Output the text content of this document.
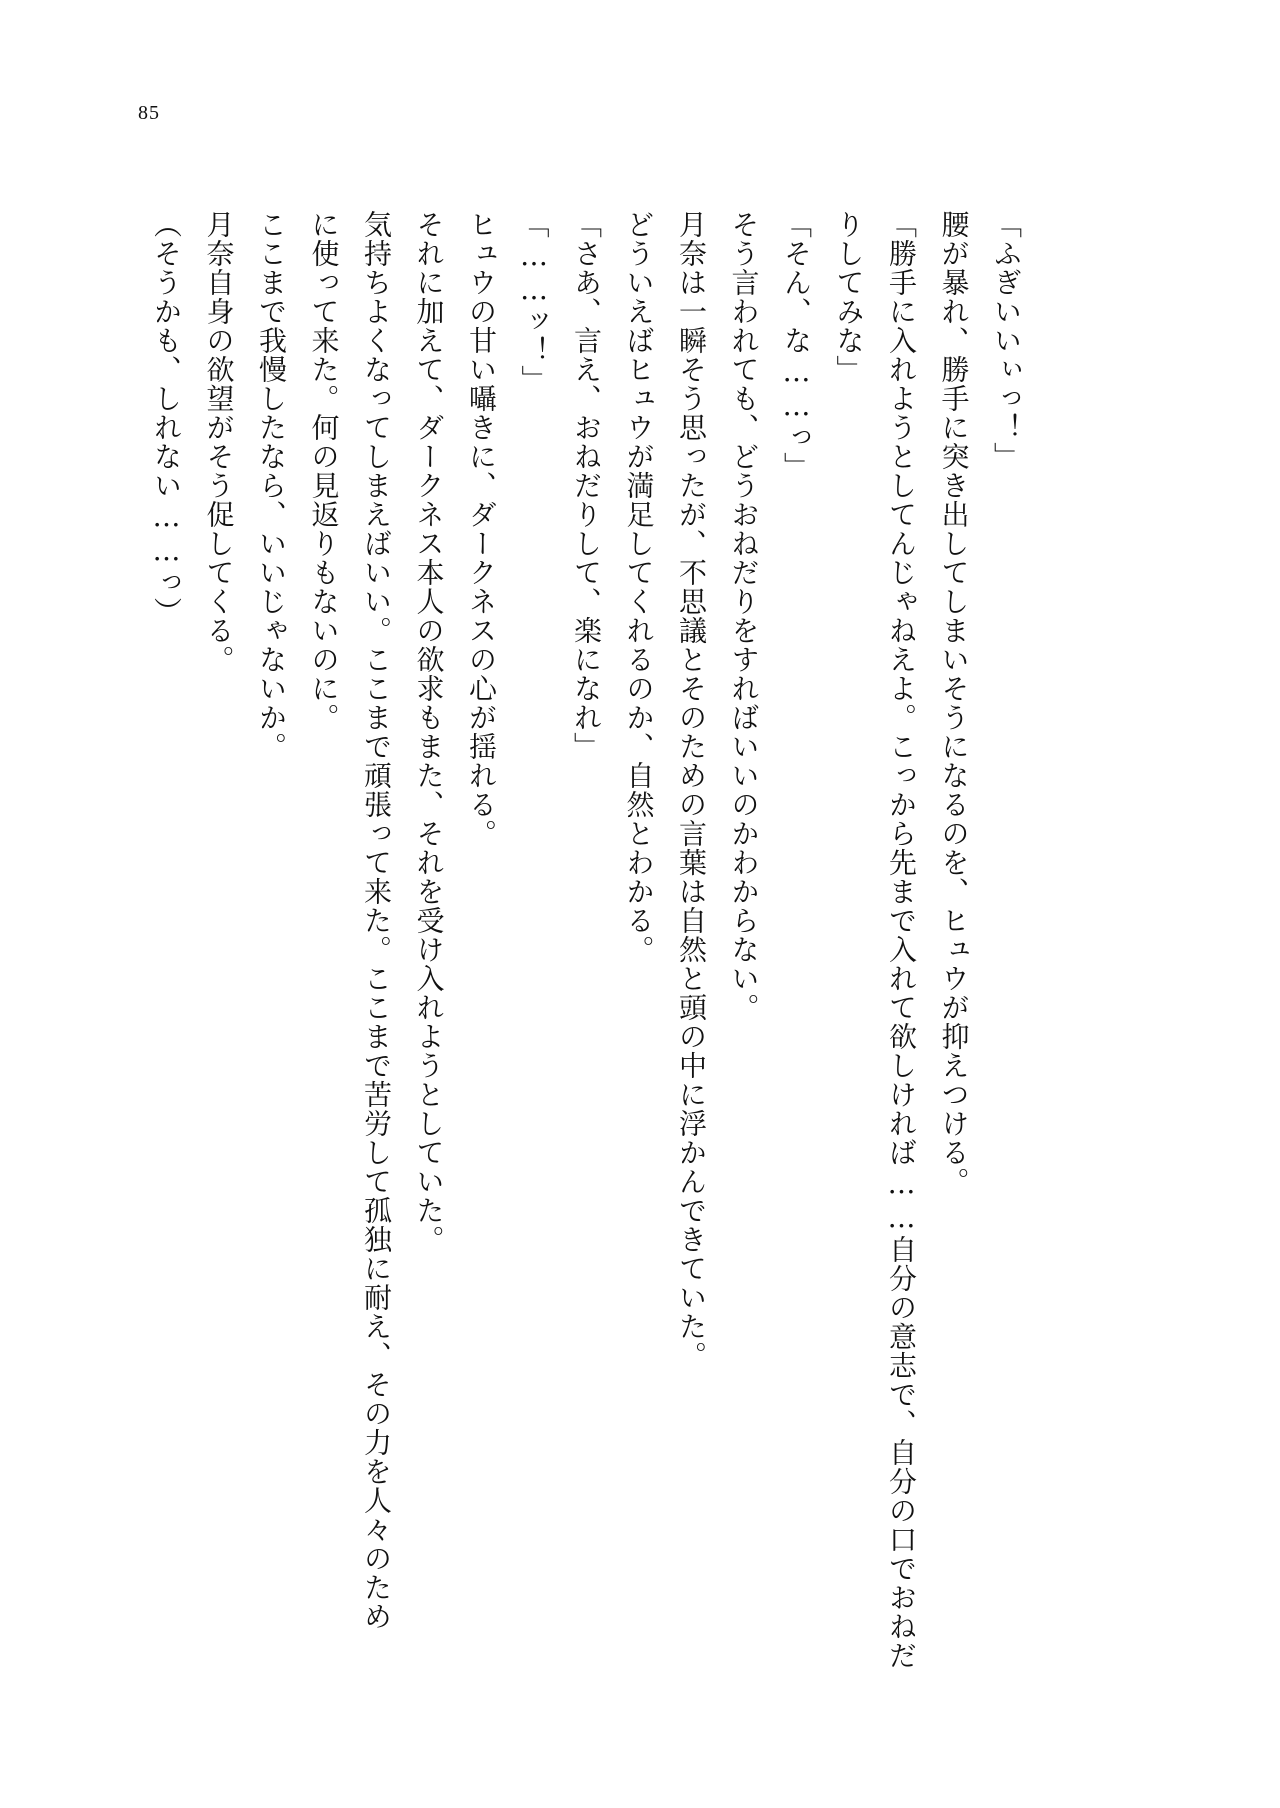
85
「ふぎいいぃっ！」
腰が暴れ、勝手に突き出してしまいそうになるのを、ヒュウが抑えつける。
「勝手に入れようとしてんじゃねえよ。こっから先まで入れて欲しければ……自分の意志で、自分の口でおねだ
りしてみな」
「そん、な……っ」
そう言われても、どうおねだりをすればいいのかわからない。
月奈は一瞬そう思ったが、不思議とそのための言葉は自然と頭の中に浮かんできていた。
どういえばヒュウが満足してくれるのか、自然とわかる。
「さあ、言え、おねだりして、楽になれ」
「……ッ！」
ヒュウの甘い囁きに、ダークネスの心が揺れる。
それに加えて、ダークネス本人の欲求もまた、それを受け入れようとしていた。
気持ちよくなってしまえばいい。ここまで頑張って来た。ここまで苦労して孤独に耐え、その力を人々のため
に使って来た。何の見返りもないのに。
ここまで我慢したなら、いいじゃないか。
月奈自身の欲望がそう促してくる。
（そうかも、しれない……っ）
